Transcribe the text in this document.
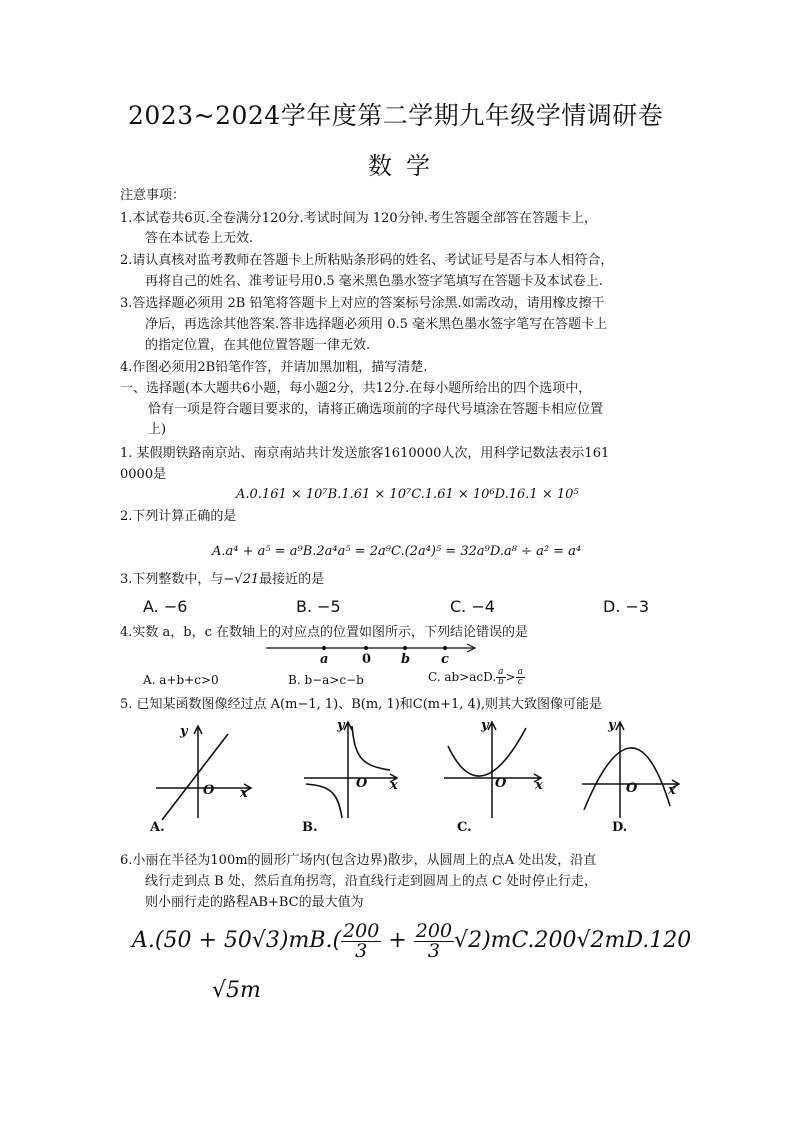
2023~2024学年度第二学期九年级学情调研卷
数学
注意事项：
1.本试卷共6页.全卷满分120分.考试时间为 120分钟.考生答题全部答在答题卡上，
答在本试卷上无效.
2.请认真核对监考教师在答题卡上所粘贴条形码的姓名、考试证号是否与本人相符合，
再将自己的姓名、准考证号用0.5 毫米黑色墨水签字笔填写在答题卡及本试卷上.
3.答选择题必须用 2B 铅笔将答题卡上对应的答案标号涂黑.如需改动，请用橡皮擦干
净后，再选涂其他答案.答非选择题必须用 0.5 毫米黑色墨水签字笔写在答题卡上
的指定位置，在其他位置答题一律无效.
4.作图必须用2B铅笔作答，并请加黑加粗，描写清楚.
一、选择题(本大题共6小题，每小题2分，共12分.在每小题所给出的四个选项中，
恰有一项是符合题目要求的，请将正确选项前的字母代号填涂在答题卡相应位置
上)
1. 某假期铁路南京站、南京南站共计发送旅客1610000人次，用科学记数法表示161
0000是
A.0.161 × 10⁷B.1.61 × 10⁷C.1.61 × 10⁶D.16.1 × 10⁵
2.下列计算正确的是
A.a⁴ + a⁵ = a⁹B.2a⁴a⁵ = 2a⁹C.(2a⁴)⁵ = 32a⁹D.a⁸ ÷ a² = a⁴
3.下列整数中，与−√21最接近的是
A. −6	B. −5	C. −4	D. −3
4.实数 a，b，c 在数轴上的对应点的位置如图所示，下列结论错误的是
a	0 b c
A. a+b+c>0	B. b−a>c−b	C. ab>acD. $\frac{a}{b} > \frac{a}{c}$
5. 已知某函数图像经过点 A(m−1, 1)、B(m, 1)和C(m+1, 4),则其大致图像可能是
y
x
O
A.
y
x
O
B.
y
x
O
C.
y
x
O
D.
6.小丽在半径为100m的圆形广场内(包含边界)散步，从圆周上的点A 处出发，沿直
线行走到点 B 处，然后直角拐弯，沿直线行走到圆周上的点 C 处时停止行走，
则小丽行走的路程AB+BC的最大值为
$A.(50 + 50√3)mB.( \frac{200}{3} + \frac{200}{3} √2)mC.200√2mD.120$
√5m
